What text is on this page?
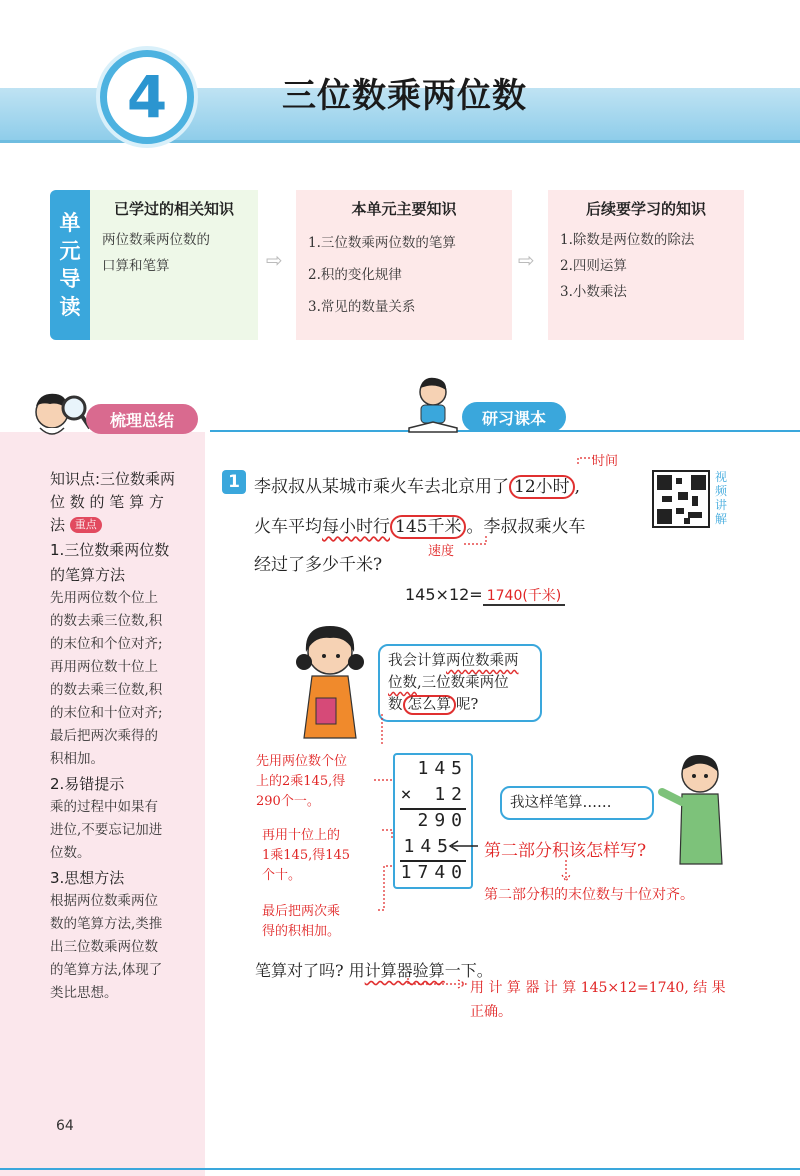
4	三位数乘两位数
单
元
导
读
已学过的相关知识
两位数乘两位数的
口算和笔算	⇨
本单元主要知识
1.三位数乘两位数的笔算
2.积的变化规律
3.常见的数量关系
⇨
后续要学习的知识
1.除数是两位数的除法
2.四则运算
3.小数乘法
梳理总结
知识点:三位数乘两
位 数 的 笔 算 方
法 重点
1.三位数乘两位数
的笔算方法
先用两位数个位上
的数去乘三位数,积
的末位和个位对齐;
再用两位数十位上
的数去乘三位数,积
的末位和十位对齐;
最后把两次乘得的
积相加。
2.易错提示
乘的过程中如果有
进位,不要忘记加进
位数。
3.思想方法
根据两位数乘两位
数的笔算方法,类推
出三位数乘两位数
的笔算方法,体现了
类比思想。
研习课本
1
时间
李叔叔从某城市乘火车去北京用了 12小时 ,
火车平均每小时行 145千米 。李叔叔乘火车
速度
经过了多少千米?
视
频
讲
解
145×12= 1740(千米)
我会计算两位数乘两
位数,三位数乘两位
数 怎么算 呢?
先用两位数个位
上的2乘145,得
290个一。
再用十位上的
1乘145,得145
个十。
最后把两次乘
得的积相加。
145
× 12
290
145
1740
第二部分积该怎样写?
第二部分积的末位数与十位对齐。
我这样笔算……
笔算对了吗? 用计算器验算一下。
用 计 算 器 计 算 145×12=1740, 结 果
正确。
64
